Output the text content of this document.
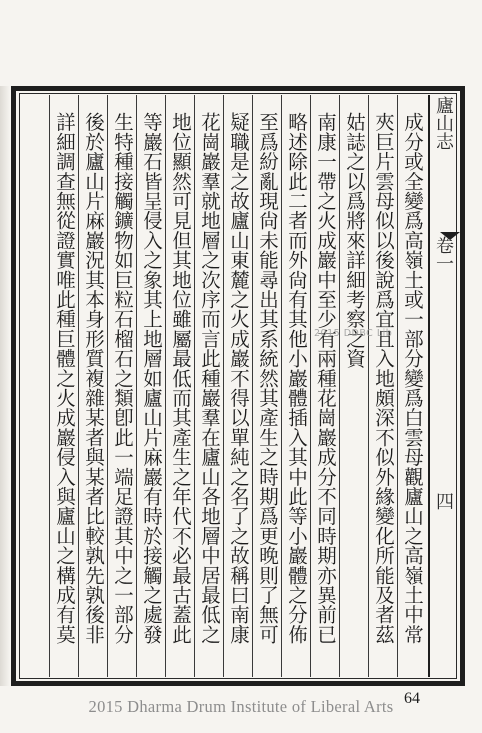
成分或全變爲高嶺土或一部分變爲白雲母觀廬山之高嶺土中常
夾巨片雲母似以後說爲宜且入地頗深不似外緣變化所能及者茲
姑誌之以爲將來詳細考察之資
南康一帶之火成巖中至少有兩種花崗巖成分不同時期亦異前已
略述除此二者而外尙有其他小巖體插入其中此等小巖體之分佈
至爲紛亂現尙未能尋出其系統然其產生之時期爲更晚則了無可
疑職是之故廬山東麓之火成巖不得以單純之名了之故稱曰南康
花崗巖羣就地層之次序而言此種巖羣在廬山各地層中居最低之
地位顯然可見但其地位雖屬最低而其產生之年代不必最古蓋此
等巖石皆呈侵入之象其上地層如廬山片麻巖有時於接觸之處發
生特種接觸鑛物如巨粒石榴石之類卽此一端足證其中之一部分
後於廬山片麻巖況其本身形質複雜某者與某者比較孰先孰後非
詳細調查無從證實唯此種巨體之火成巖侵入與廬山之構成有莫	廬山志
卷一
四
2015 DDBC Lib
64
2015 Dharma Drum Institute of Liberal Arts
